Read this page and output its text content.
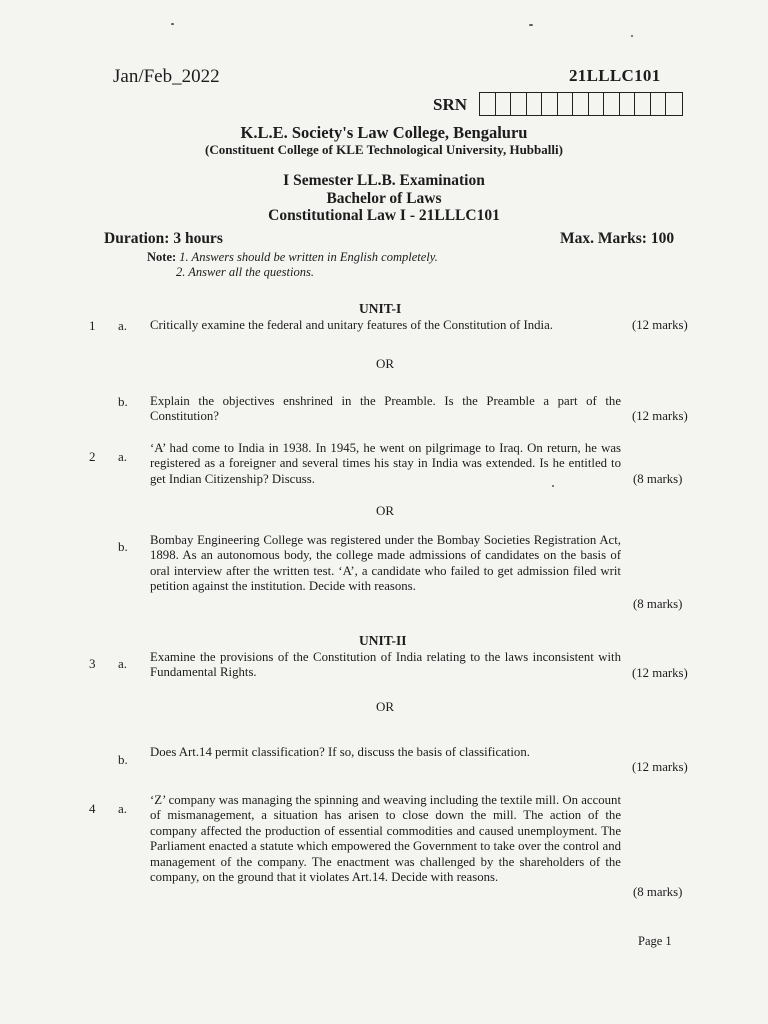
Jan/Feb_2022	21LLLC101
SRN
K.L.E. Society's Law College, Bengaluru
(Constituent College of KLE Technological University, Hubballi)
I Semester LL.B. Examination
Bachelor of Laws
Constitutional Law I - 21LLLC101
Duration: 3 hours	Max. Marks: 100
Note: 1. Answers should be written in English completely.
2. Answer all the questions.
UNIT-I
1 a. Critically examine the federal and unitary features of the Constitution of India.	(12 marks)
OR
b. Explain the objectives enshrined in the Preamble. Is the Preamble a part of the Constitution?	(12 marks)
2 a.
‘A’ had come to India in 1938. In 1945, he went on pilgrimage to Iraq. On return, he was registered as a foreigner and several times his stay in India was extended. Is he entitled to get Indian Citizenship? Discuss.	(8 marks)
OR
b. Bombay Engineering College was registered under the Bombay Societies Registration Act, 1898. As an autonomous body, the college made admissions of candidates on the basis of oral interview after the written test. ‘A’, a candidate who failed to get admission filed writ petition against the institution. Decide with reasons.
(8 marks)
UNIT-II
3 a. Examine the provisions of the Constitution of India relating to the laws inconsistent with Fundamental Rights.	(12 marks)
OR
b. Does Art.14 permit classification? If so, discuss the basis of classification.
(12 marks)
4 a.
‘Z’ company was managing the spinning and weaving including the textile mill. On account of mismanagement, a situation has arisen to close down the mill. The action of the company affected the production of essential commodities and caused unemployment. The Parliament enacted a statute which empowered the Government to take over the control and management of the company. The enactment was challenged by the shareholders of the company, on the ground that it violates Art.14. Decide with reasons.
(8 marks)
Page 1
